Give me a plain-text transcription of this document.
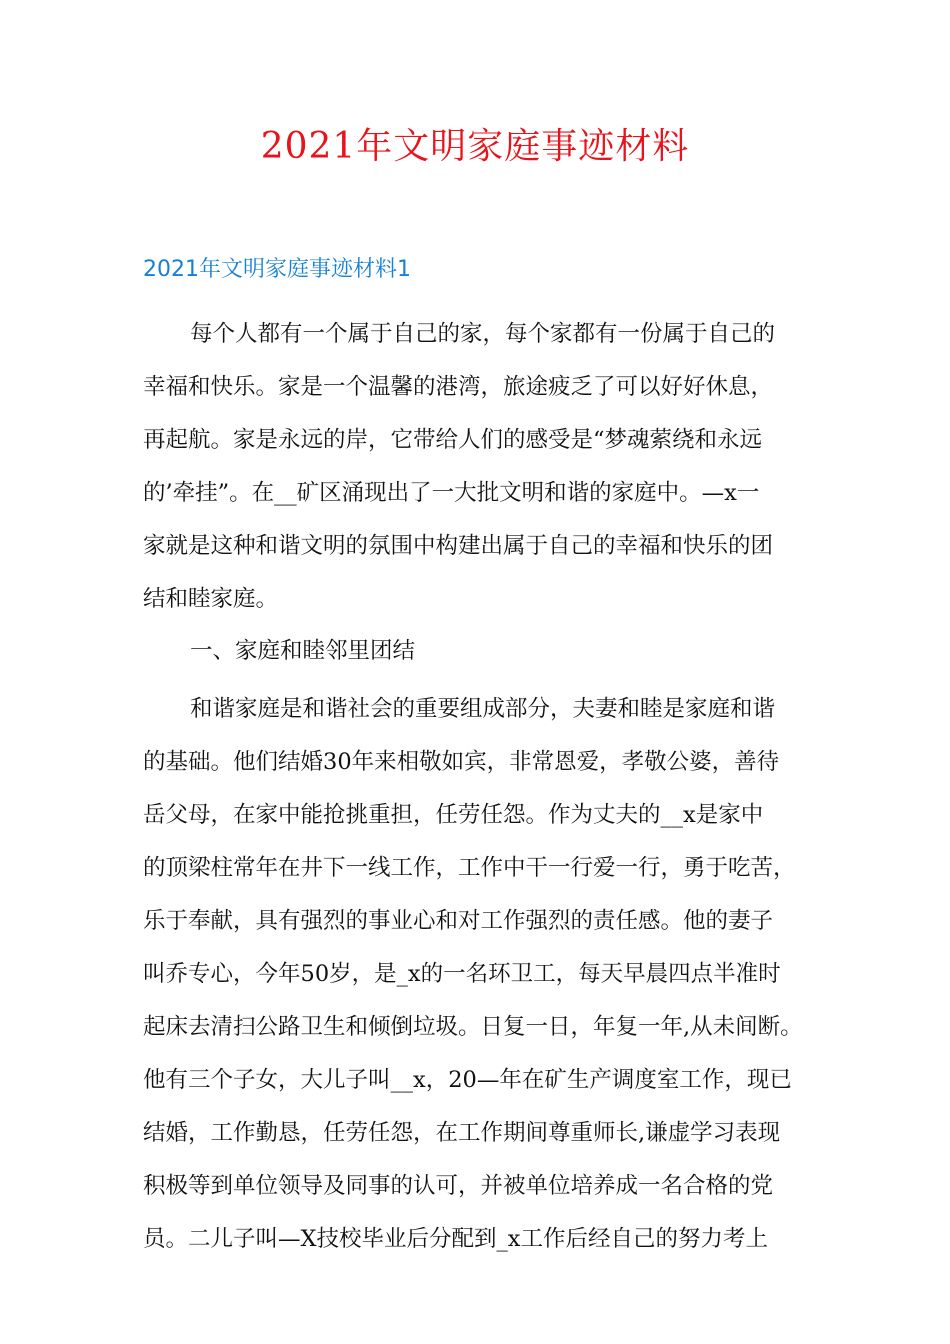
2021年文明家庭事迹材料
2021年文明家庭事迹材料1
每个人都有一个属于自己的家，每个家都有一份属于自己的
幸福和快乐。家是一个温馨的港湾，旅途疲乏了可以好好休息，
再起航。家是永远的岸，它带给人们的感受是“梦魂萦绕和永远
的’牵挂”。在__矿区涌现出了一大批文明和谐的家庭中。—x一
家就是这种和谐文明的氛围中构建出属于自己的幸福和快乐的团
结和睦家庭。
一、家庭和睦邻里团结
和谐家庭是和谐社会的重要组成部分，夫妻和睦是家庭和谐
的基础。他们结婚30年来相敬如宾，非常恩爱，孝敬公婆，善待
岳父母，在家中能抢挑重担，任劳任怨。作为丈夫的__x是家中
的顶梁柱常年在井下一线工作，工作中干一行爱一行，勇于吃苦，
乐于奉献，具有强烈的事业心和对工作强烈的责任感。他的妻子
叫乔专心，今年50岁，是_x的一名环卫工，每天早晨四点半准时
起床去清扫公路卫生和倾倒垃圾。日复一日，年复一年,从未间断。
他有三个子女，大儿子叫__x，20—年在矿生产调度室工作，现已
结婚，工作勤恳，任劳任怨，在工作期间尊重师长,谦虚学习表现
积极等到单位领导及同事的认可，并被单位培养成一名合格的党
员。二儿子叫—X技校毕业后分配到_x工作后经自己的努力考上
